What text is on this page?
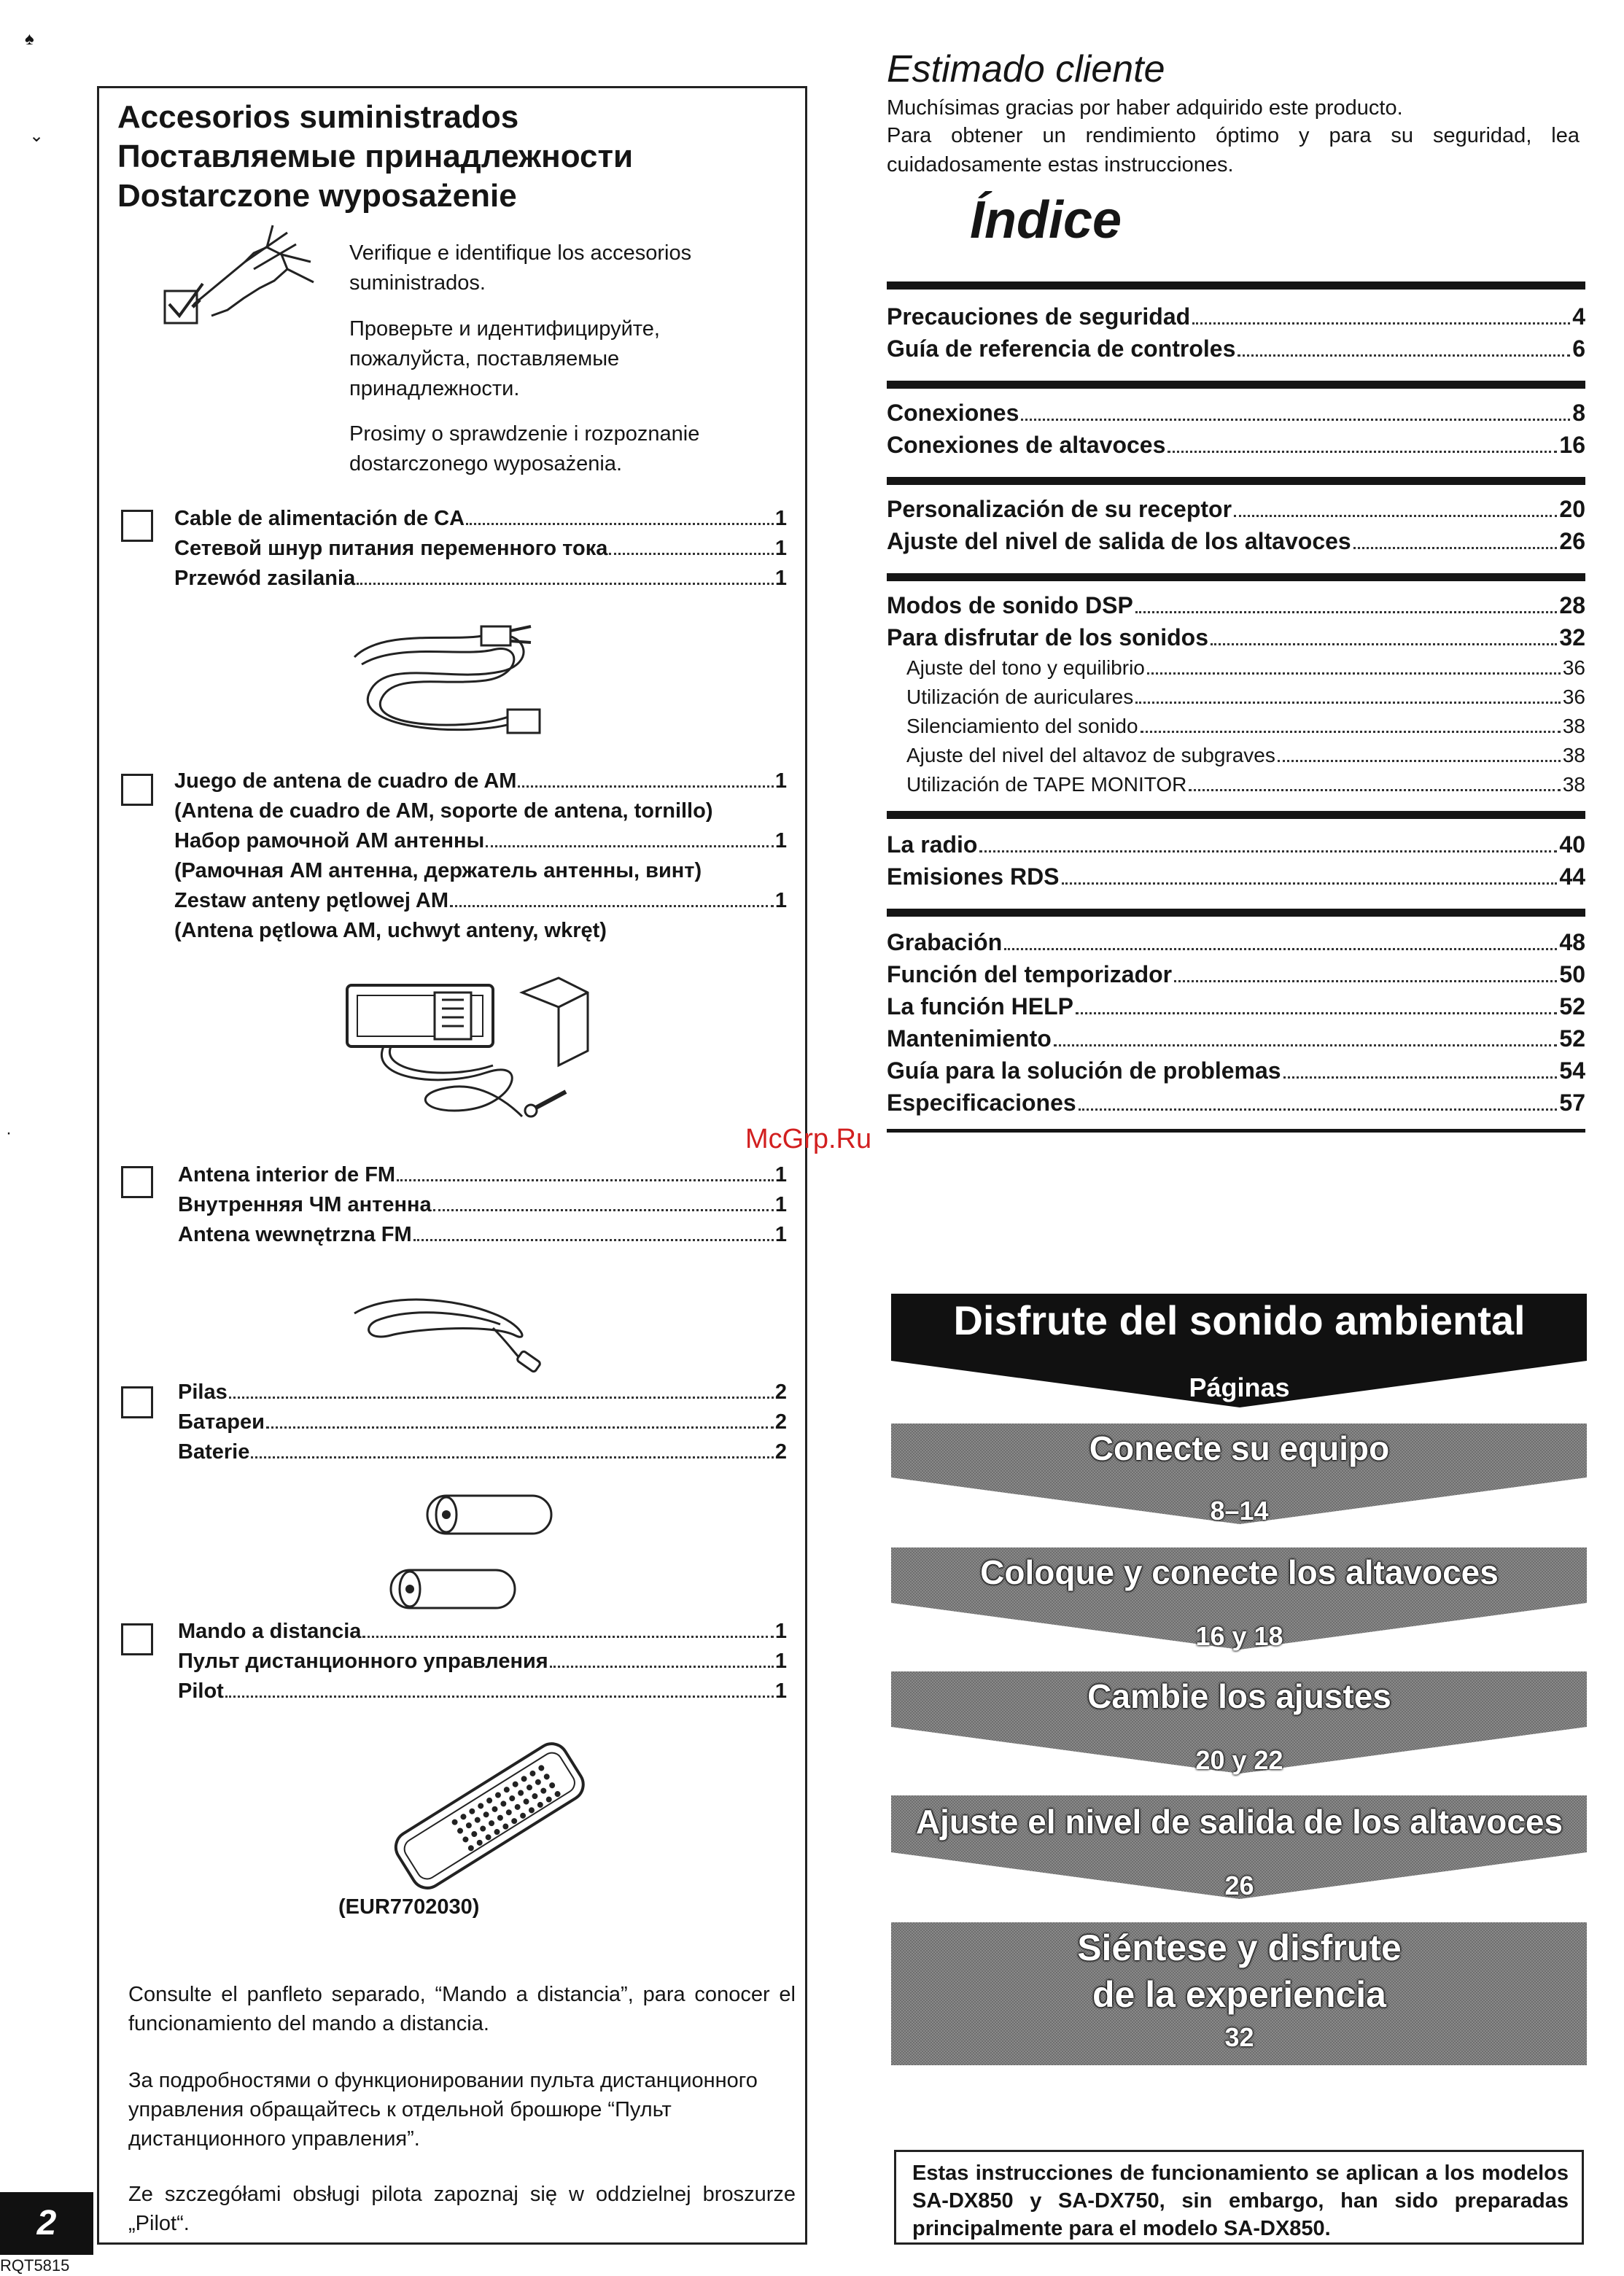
♠
⌄
·
Accesorios suministrados
Поставляемые принадлежности
Dostarczone wyposażenie
Verifique e identifique los accesorios suministrados.
Проверьте и идентифицируйте, пожалуйста, поставляемые принадлежности.
Prosimy o sprawdzenie i rozpoznanie dostarczonego wyposażenia.
Cable de alimentación de CA	1
Сетевой шнур питания переменного тока	1
Przewód zasilania	1
Juego de antena de cuadro de AM	1
(Antena de cuadro de AM, soporte de antena, tornillo)
Набор рамочной АМ антенны	1
(Рамочная АМ антенна, держатель антенны, винт)
Zestaw anteny pętlowej AM	1
(Antena pętlowa AM, uchwyt anteny, wkręt)
Antena interior de FM	1
Внутренняя ЧМ антенна	1
Antena wewnętrzna FM	1
Pilas	2
Батареи	2
Baterie	2
Mando a distancia	1
Пульт дистанционного управления	1
Pilot	1
(EUR7702030)
Consulte el panfleto separado, “Mando a distancia”, para conocer el funcionamiento del mando a distancia.
За подробностями о функционировании пульта дистанционного управления обращайтесь к отдельной брошюре “Пульт дистанционного управления”.
Ze szczegółami obsługi pilota zapoznaj się w oddzielnej broszurze „Pilot“.
2
RQT5815
McGrp.Ru
Estimado cliente
Muchísimas gracias por haber adquirido este producto.
Para obtener un rendimiento óptimo y para su seguridad, lea cuidadosamente estas instrucciones.
Índice
Precauciones de seguridad	4
Guía de referencia de controles	6
Conexiones	8
Conexiones de altavoces	16
Personalización de su receptor	20
Ajuste del nivel de salida de los altavoces	26
Modos de sonido DSP	28
Para disfrutar de los sonidos	32
Ajuste del tono y equilibrio	36
Utilización de auriculares	36
Silenciamiento del sonido	38
Ajuste del nivel del altavoz de subgraves	38
Utilización de TAPE MONITOR	38
La radio	40
Emisiones RDS	44
Grabación	48
Función del temporizador	50
La función HELP	52
Mantenimiento	52
Guía para la solución de problemas	54
Especificaciones	57
Disfrute del sonido ambiental
Páginas
Conecte su equipo
8–14
Coloque y conecte los altavoces
16 y 18
Cambie los ajustes
20 y 22
Ajuste el nivel de salida de los altavoces
26
Siéntese y disfrute
de la experiencia
32
Estas instrucciones de funcionamiento se aplican a los modelos SA-DX850 y SA-DX750, sin embargo, han sido preparadas principalmente para el modelo SA-DX850.
